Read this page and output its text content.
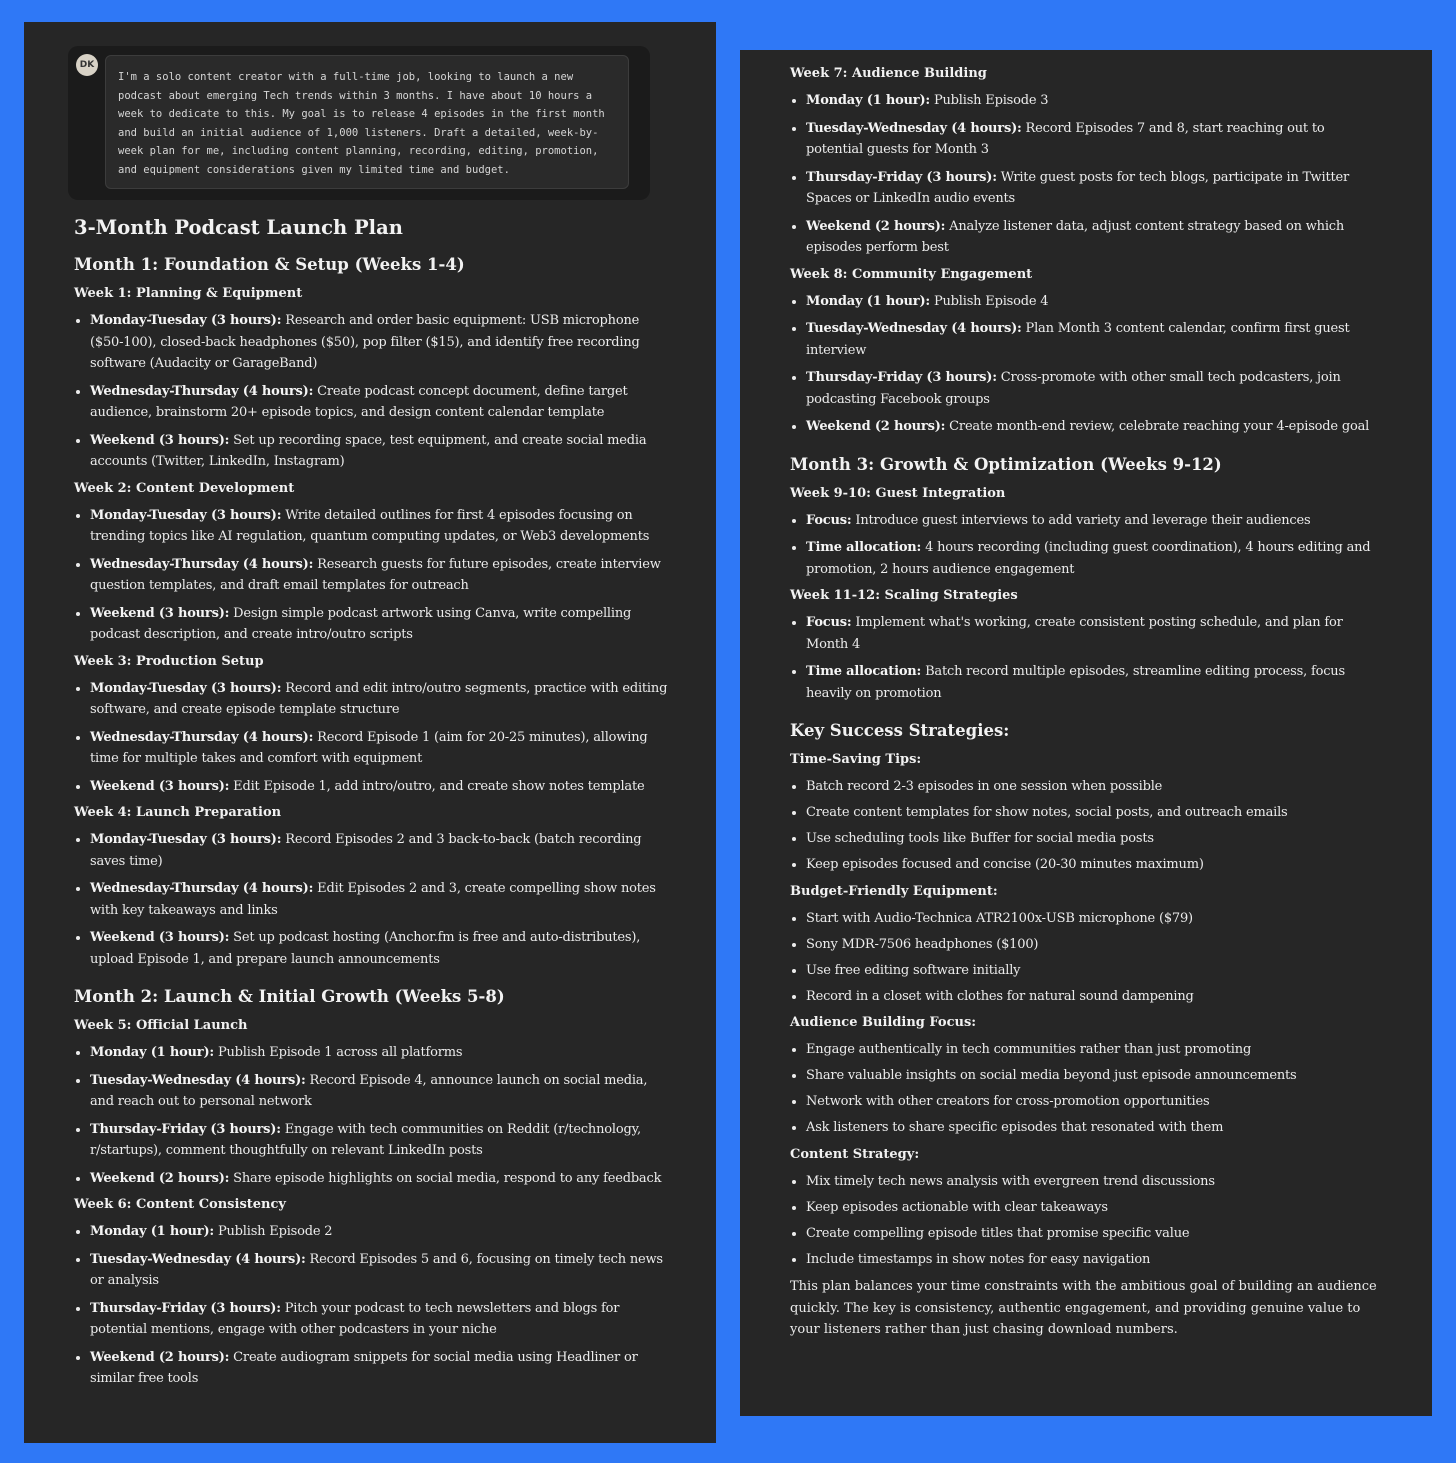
DK
I'm a solo content creator with a full-time job, looking to launch a new podcast about emerging Tech trends within 3 months. I have about 10 hours a week to dedicate to this. My goal is to release 4 episodes in the first month and build an initial audience of 1,000 listeners. Draft a detailed, week-by-week plan for me, including content planning, recording, editing, promotion, and equipment considerations given my limited time and budget.
3-Month Podcast Launch Plan
Month 1: Foundation & Setup (Weeks 1-4)
Week 1: Planning & Equipment
• Monday-Tuesday (3 hours): Research and order basic equipment: USB microphone ($50-100), closed-back headphones ($50), pop filter ($15), and identify free recording software (Audacity or GarageBand)
• Wednesday-Thursday (4 hours): Create podcast concept document, define target audience, brainstorm 20+ episode topics, and design content calendar template
• Weekend (3 hours): Set up recording space, test equipment, and create social media accounts (Twitter, LinkedIn, Instagram)
Week 2: Content Development
• Monday-Tuesday (3 hours): Write detailed outlines for first 4 episodes focusing on trending topics like AI regulation, quantum computing updates, or Web3 developments
• Wednesday-Thursday (4 hours): Research guests for future episodes, create interview question templates, and draft email templates for outreach
• Weekend (3 hours): Design simple podcast artwork using Canva, write compelling podcast description, and create intro/outro scripts
Week 3: Production Setup
• Monday-Tuesday (3 hours): Record and edit intro/outro segments, practice with editing software, and create episode template structure
• Wednesday-Thursday (4 hours): Record Episode 1 (aim for 20-25 minutes), allowing time for multiple takes and comfort with equipment
• Weekend (3 hours): Edit Episode 1, add intro/outro, and create show notes template
Week 4: Launch Preparation
• Monday-Tuesday (3 hours): Record Episodes 2 and 3 back-to-back (batch recording saves time)
• Wednesday-Thursday (4 hours): Edit Episodes 2 and 3, create compelling show notes with key takeaways and links
• Weekend (3 hours): Set up podcast hosting (Anchor.fm is free and auto-distributes), upload Episode 1, and prepare launch announcements
Month 2: Launch & Initial Growth (Weeks 5-8)
Week 5: Official Launch
• Monday (1 hour): Publish Episode 1 across all platforms
• Tuesday-Wednesday (4 hours): Record Episode 4, announce launch on social media, and reach out to personal network
• Thursday-Friday (3 hours): Engage with tech communities on Reddit (r/technology, r/startups), comment thoughtfully on relevant LinkedIn posts
• Weekend (2 hours): Share episode highlights on social media, respond to any feedback
Week 6: Content Consistency
• Monday (1 hour): Publish Episode 2
• Tuesday-Wednesday (4 hours): Record Episodes 5 and 6, focusing on timely tech news or analysis
• Thursday-Friday (3 hours): Pitch your podcast to tech newsletters and blogs for potential mentions, engage with other podcasters in your niche
• Weekend (2 hours): Create audiogram snippets for social media using Headliner or similar free tools
Week 7: Audience Building
• Monday (1 hour): Publish Episode 3
• Tuesday-Wednesday (4 hours): Record Episodes 7 and 8, start reaching out to potential guests for Month 3
• Thursday-Friday (3 hours): Write guest posts for tech blogs, participate in Twitter Spaces or LinkedIn audio events
• Weekend (2 hours): Analyze listener data, adjust content strategy based on which episodes perform best
Week 8: Community Engagement
• Monday (1 hour): Publish Episode 4
• Tuesday-Wednesday (4 hours): Plan Month 3 content calendar, confirm first guest interview
• Thursday-Friday (3 hours): Cross-promote with other small tech podcasters, join podcasting Facebook groups
• Weekend (2 hours): Create month-end review, celebrate reaching your 4-episode goal
Month 3: Growth & Optimization (Weeks 9-12)
Week 9-10: Guest Integration
• Focus: Introduce guest interviews to add variety and leverage their audiences
• Time allocation: 4 hours recording (including guest coordination), 4 hours editing and promotion, 2 hours audience engagement
Week 11-12: Scaling Strategies
• Focus: Implement what's working, create consistent posting schedule, and plan for Month 4
• Time allocation: Batch record multiple episodes, streamline editing process, focus heavily on promotion
Key Success Strategies:
Time-Saving Tips:
• Batch record 2-3 episodes in one session when possible
• Create content templates for show notes, social posts, and outreach emails
• Use scheduling tools like Buffer for social media posts
• Keep episodes focused and concise (20-30 minutes maximum)
Budget-Friendly Equipment:
• Start with Audio-Technica ATR2100x-USB microphone ($79)
• Sony MDR-7506 headphones ($100)
• Use free editing software initially
• Record in a closet with clothes for natural sound dampening
Audience Building Focus:
• Engage authentically in tech communities rather than just promoting
• Share valuable insights on social media beyond just episode announcements
• Network with other creators for cross-promotion opportunities
• Ask listeners to share specific episodes that resonated with them
Content Strategy:
• Mix timely tech news analysis with evergreen trend discussions
• Keep episodes actionable with clear takeaways
• Create compelling episode titles that promise specific value
• Include timestamps in show notes for easy navigation

This plan balances your time constraints with the ambitious goal of building an audience quickly. The key is consistency, authentic engagement, and providing genuine value to your listeners rather than just chasing download numbers.
